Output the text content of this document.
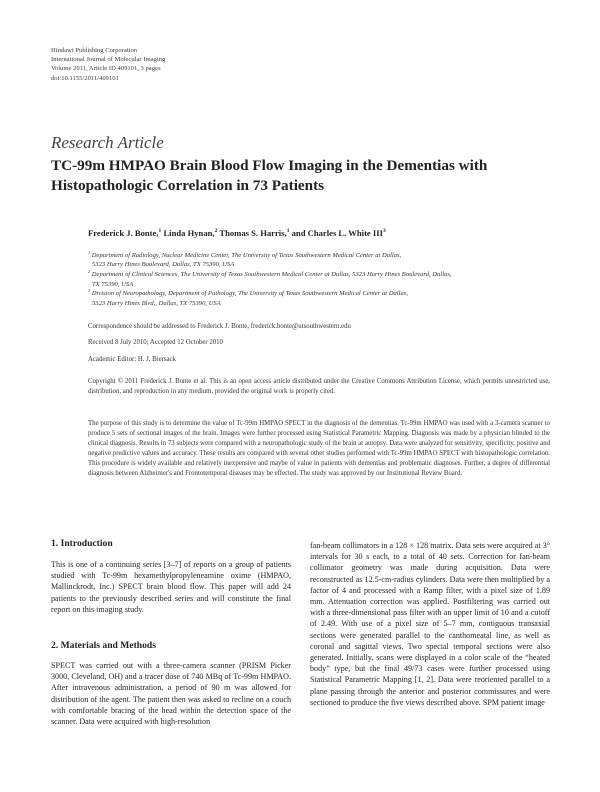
Hindawi Publishing Corporation
International Journal of Molecular Imaging
Volume 2011, Article ID 409101, 3 pages
doi:10.1155/2011/409101
Research Article
TC-99m HMPAO Brain Blood Flow Imaging in the Dementias with Histopathologic Correlation in 73 Patients
Frederick J. Bonte,$^1$ Linda Hynan,$^2$ Thomas S. Harris,$^1$ and Charles L. White III$^3$
$^1$ Department of Radiology, Nuclear Medicine Center, The University of Texas Southwestern Medical Center at Dallas,
5323 Harry Hines Boulevard, Dallas, TX 75390, USA
$^2$ Department of Clinical Sciences, The University of Texas Southwestern Medical Center at Dallas, 5323 Harry Hines Boulevard, Dallas,
TX 75390, USA
$^3$ Division of Neuropathology, Department of Pathology, The University of Texas Southwestern Medical Center at Dallas,
5323 Harry Hines Blvd., Dallas, TX 75390, USA
Correspondence should be addressed to Frederick J. Bonte, frederick.bonte@utsouthwestern.edu
Received 8 July 2010; Accepted 12 October 2010
Academic Editor: H. J. Biersack
Copyright © 2011 Frederick J. Bonte et al. This is an open access article distributed under the Creative Commons Attribution License, which permits unrestricted use, distribution, and reproduction in any medium, provided the original work is properly cited.
The purpose of this study is to determine the value of Tc-99m HMPAO SPECT in the diagnosis of the dementias. Tc-99m HMPAO was used with a 3-camera scanner to produce 5 sets of sectional images of the brain. Images were further processed using Statistical Parametric Mapping. Diagnosis was made by a physician blinded to the clinical diagnosis. Results in 73 subjects were compared with a neuropathologic study of the brain at autopsy. Data were analyzed for sensitivity, specificity, positive and negative predictive values and accuracy. These results are compared with several other studies performed with Tc-99m HMPAO SPECT with histopathologic correlation. This procedure is widely available and relatively inexpensive and maybe of value in patients with dementias and problematic diagnoses. Further, a degree of differential diagnosis between Alzheimer's and Frontotemporal diseases may be effected. The study was approved by our Institutional Review Board.
1. Introduction
This is one of a continuing series [3–7] of reports on a group of patients studied with Tc-99m hexamethylpropyleneamine oxime (HMPAO, Mallinckrodt, Inc.) SPECT brain blood flow. This paper will add 24 patients to the previously described series and will constitute the final report on this imaging study.
2. Materials and Methods
SPECT was carried out with a three-camera scanner (PRISM Picker 3000, Cleveland, OH) and a tracer dose of 740 MBq of Tc-99m HMPAO. After intravenous administration, a period of 90 m was allowed for distribution of the agent. The patient then was asked to recline on a couch with comfortable bracing of the head within the detection space of the scanner. Data were acquired with high-resolution
fan-beam collimators in a 128 × 128 matrix. Data sets were acquired at 3° intervals for 30 s each, to a total of 40 sets. Correction for fan-beam collimator geometry was made during acquisition. Data were reconstructed as 12.5-cm-radius cylinders. Data were then multiplied by a factor of 4 and processed with a Ramp filter, with a pixel size of 1.89 mm. Attenuation correction was applied. Postfiltering was carried out with a three-dimensional pass filter with an upper limit of 10 and a cutoff of 2.49. With use of a pixel size of 5–7 mm, contiguous transaxial sections were generated parallel to the canthomeatal line, as well as coronal and sagittal views. Two special temporal sections were also generated. Initially, scans were displayed in a color scale of the “heated body” type, but the final 49/73 cases were further processed using Statistical Parametric Mapping [1, 2]. Data were reoriented parallel to a plane passing through the anterior and posterior commissures and were sectioned to produce the five views described above. SPM patient image
